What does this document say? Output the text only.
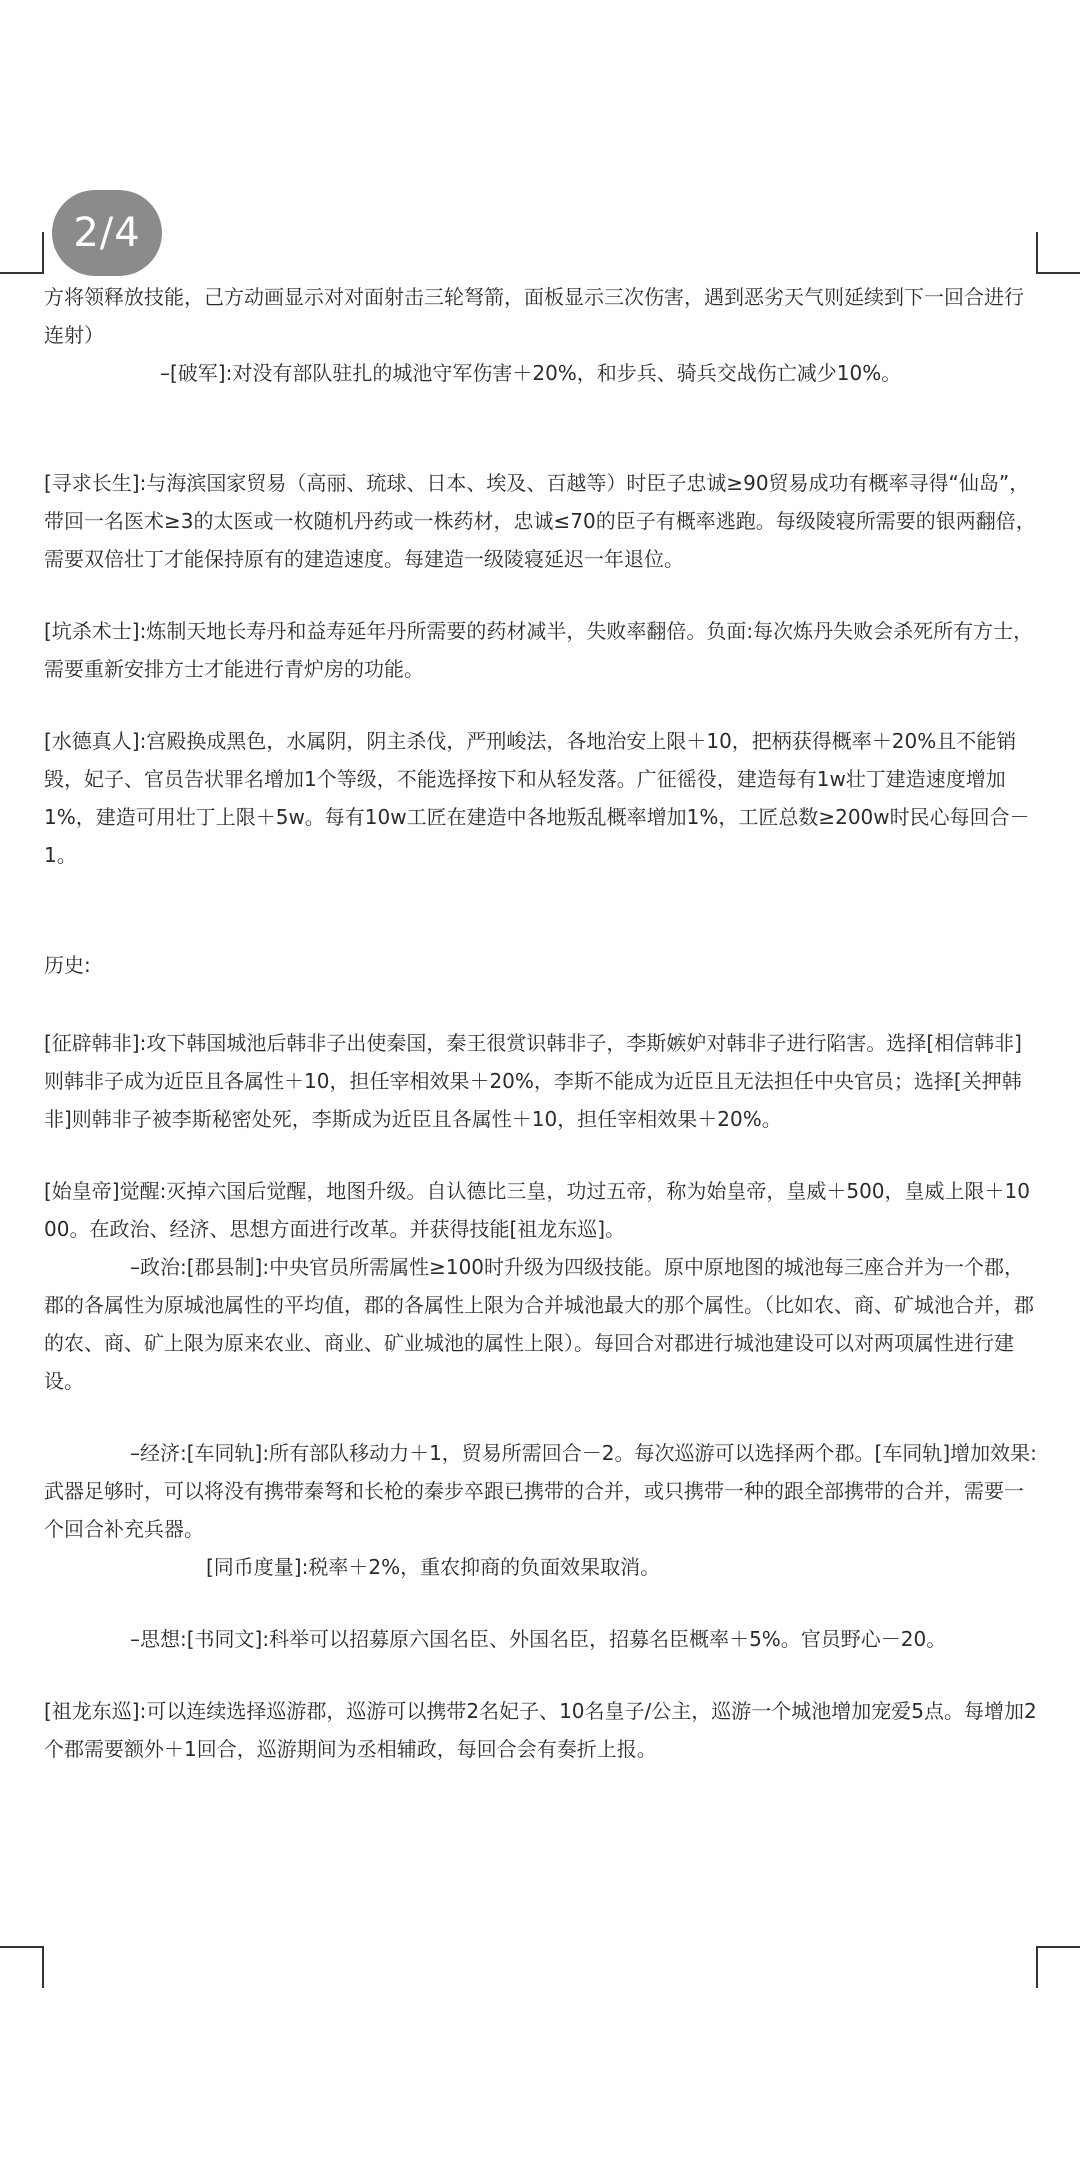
2/4

方将领释放技能，己方动画显示对对面射击三轮弩箭，面板显示三次伤害，遇到恶劣天气则延续到下一回合进行连射）

–[破军]:对没有部队驻扎的城池守军伤害＋20%，和步兵、骑兵交战伤亡减少10%。

[寻求长生]:与海滨国家贸易（高丽、琉球、日本、埃及、百越等）时臣子忠诚≥90贸易成功有概率寻得“仙岛”，带回一名医术≥3的太医或一枚随机丹药或一株药材，忠诚≤70的臣子有概率逃跑。每级陵寝所需要的银两翻倍，需要双倍壮丁才能保持原有的建造速度。每建造一级陵寝延迟一年退位。

[坑杀术士]:炼制天地长寿丹和益寿延年丹所需要的药材减半，失败率翻倍。负面:每次炼丹失败会杀死所有方士，需要重新安排方士才能进行青炉房的功能。

[水德真人]:宫殿换成黑色，水属阴，阴主杀伐，严刑峻法，各地治安上限＋10，把柄获得概率＋20%且不能销毁，妃子、官员告状罪名增加1个等级，不能选择按下和从轻发落。广征徭役，建造每有1w壮丁建造速度增加1%，建造可用壮丁上限＋5w。每有10w工匠在建造中各地叛乱概率增加1%，工匠总数≥200w时民心每回合－1。

历史:

[征辟韩非]:攻下韩国城池后韩非子出使秦国，秦王很赏识韩非子，李斯嫉妒对韩非子进行陷害。选择[相信韩非]则韩非子成为近臣且各属性＋10，担任宰相效果＋20%，李斯不能成为近臣且无法担任中央官员；选择[关押韩非]则韩非子被李斯秘密处死，李斯成为近臣且各属性＋10，担任宰相效果＋20%。

[始皇帝]觉醒:灭掉六国后觉醒，地图升级。自认德比三皇，功过五帝，称为始皇帝，皇威＋500，皇威上限＋1000。在政治、经济、思想方面进行改革。并获得技能[祖龙东巡]。

–政治:[郡县制]:中央官员所需属性≥100时升级为四级技能。原中原地图的城池每三座合并为一个郡，郡的各属性为原城池属性的平均值，郡的各属性上限为合并城池最大的那个属性。（比如农、商、矿城池合并，郡的农、商、矿上限为原来农业、商业、矿业城池的属性上限）。每回合对郡进行城池建设可以对两项属性进行建设。

–经济:[车同轨]:所有部队移动力＋1，贸易所需回合－2。每次巡游可以选择两个郡。[车同轨]增加效果:武器足够时，可以将没有携带秦弩和长枪的秦步卒跟已携带的合并，或只携带一种的跟全部携带的合并，需要一个回合补充兵器。

[同币度量]:税率＋2%，重农抑商的负面效果取消。

–思想:[书同文]:科举可以招募原六国名臣、外国名臣，招募名臣概率＋5%。官员野心－20。

[祖龙东巡]:可以连续选择巡游郡，巡游可以携带2名妃子、10名皇子/公主，巡游一个城池增加宠爱5点。每增加2个郡需要额外＋1回合，巡游期间为丞相辅政，每回合会有奏折上报。
